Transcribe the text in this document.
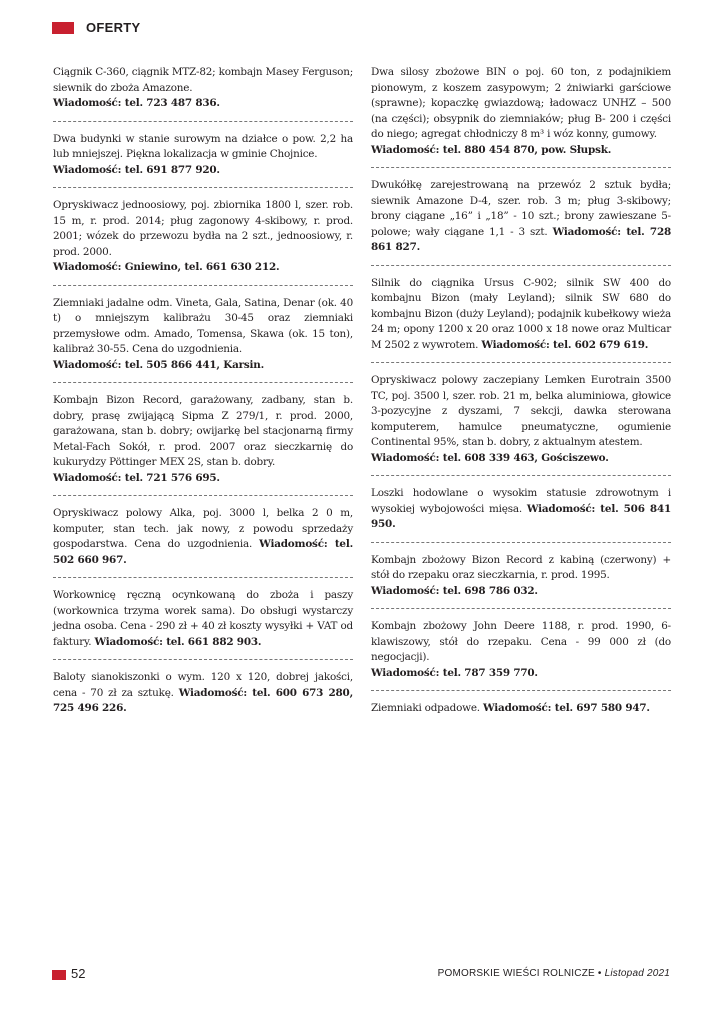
OFERTY
Ciągnik C-360, ciągnik MTZ-82; kombajn Masey Ferguson; siewnik do zboża Amazone.
Wiadomość: tel. 723 487 836.
Dwa budynki w stanie surowym na działce o pow. 2,2 ha lub mniejszej. Piękna lokalizacja w gminie Chojnice.
Wiadomość: tel. 691 877 920.
Opryskiwacz jednoosiowy, poj. zbiornika 1800 l, szer. rob. 15 m, r. prod. 2014; pług zagonowy 4-skibowy, r. prod. 2001; wózek do przewozu bydła na 2 szt., jednoosiowy, r. prod. 2000.
Wiadomość: Gniewino, tel. 661 630 212.
Ziemniaki jadalne odm. Vineta, Gala, Satina, Denar (ok. 40 t) o mniejszym kalibrażu 30-45 oraz ziemniaki przemysłowe odm. Amado, Tomensa, Skawa (ok. 15 ton), kalibraż 30-55. Cena do uzgodnienia.
Wiadomość: tel. 505 866 441, Karsin.
Kombajn Bizon Record, garażowany, zadbany, stan b. dobry, prasę zwijającą Sipma Z 279/1, r. prod. 2000, garażowana, stan b. dobry; owijarkę bel stacjonarną firmy Metal-Fach Sokół, r. prod. 2007 oraz sieczkarnię do kukurydzy Pöttinger MEX 2S, stan b. dobry.
Wiadomość: tel. 721 576 695.
Opryskiwacz polowy Alka, poj. 3000 l, belka 2 0 m, komputer, stan tech. jak nowy, z powodu sprzedaży gospodarstwa. Cena do uzgodnienia. Wiadomość: tel. 502 660 967.
Workownicę ręczną ocynkowaną do zboża i paszy (workownica trzyma worek sama). Do obsługi wystarczy jedna osoba. Cena - 290 zł + 40 zł koszty wysyłki + VAT od faktury. Wiadomość: tel. 661 882 903.
Baloty sianokiszonki o wym. 120 x 120, dobrej jakości, cena - 70 zł za sztukę. Wiadomość: tel. 600 673 280, 725 496 226.
Dwa silosy zbożowe BIN o poj. 60 ton, z podajnikiem pionowym, z koszem zasypowym; 2 żniwiarki garściowe (sprawne); kopaczkę gwiazdową; ładowacz UNHZ – 500 (na części); obsypnik do ziemniaków; pług B- 200 i części do niego; agregat chłodniczy 8 m³ i wóz konny, gumowy.
Wiadomość: tel. 880 454 870, pow. Słupsk.
Dwukółkę zarejestrowaną na przewóz 2 sztuk bydła; siewnik Amazone D-4, szer. rob. 3 m; pług 3-skibowy; brony ciągane „16” i „18” - 10 szt.; brony zawieszane 5-polowe; wały ciągane 1,1 - 3 szt. Wiadomość: tel. 728 861 827.
Silnik do ciągnika Ursus C-902; silnik SW 400 do kombajnu Bizon (mały Leyland); silnik SW 680 do kombajnu Bizon (duży Leyland); podajnik kubełkowy wieża 24 m; opony 1200 x 20 oraz 1000 x 18 nowe oraz Multicar M 2502 z wywrotem. Wiadomość: tel. 602 679 619.
Opryskiwacz polowy zaczepiany Lemken Eurotrain 3500 TC, poj. 3500 l, szer. rob. 21 m, belka aluminiowa, głowice 3-pozycyjne z dyszami, 7 sekcji, dawka sterowana komputerem, hamulce pneumatyczne, ogumienie Continental 95%, stan b. dobry, z aktualnym atestem.
Wiadomość: tel. 608 339 463, Gościszewo.
Loszki hodowlane o wysokim statusie zdrowotnym i wysokiej wybojowości mięsa. Wiadomość: tel. 506 841 950.
Kombajn zbożowy Bizon Record z kabiną (czerwony) + stół do rzepaku oraz sieczkarnia, r. prod. 1995.
Wiadomość: tel. 698 786 032.
Kombajn zbożowy John Deere 1188, r. prod. 1990, 6-klawiszowy, stół do rzepaku. Cena - 99 000 zł (do negocjacji).
Wiadomość: tel. 787 359 770.
Ziemniaki odpadowe. Wiadomość: tel. 697 580 947.
52	POMORSKIE WIEŚCI ROLNICZE • Listopad 2021
